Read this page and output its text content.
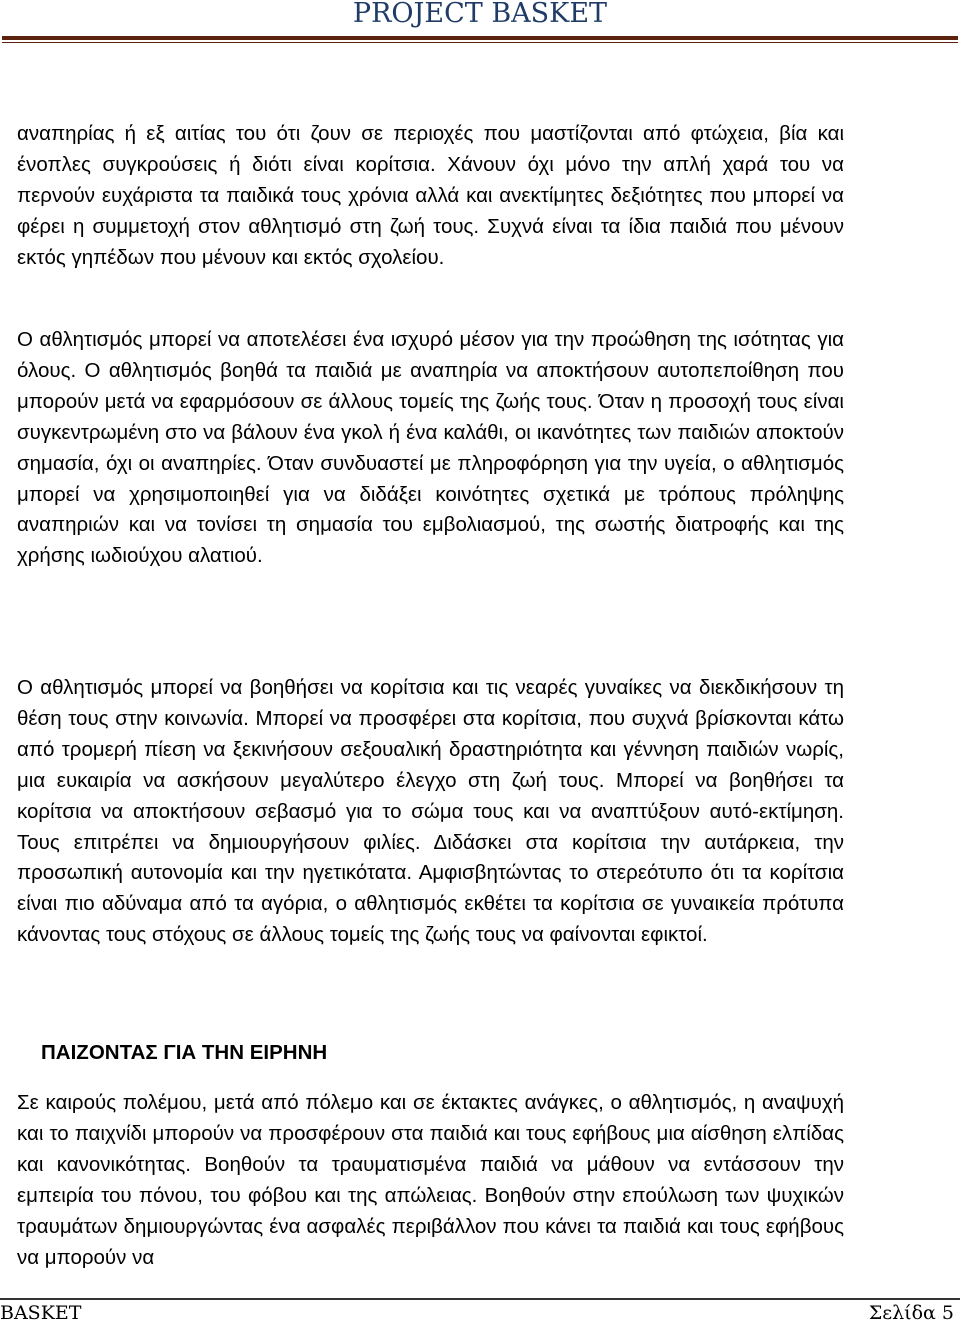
PROJECT BASKET

αναπηρίας ή εξ αιτίας του ότι ζουν σε περιοχές που μαστίζονται από φτώχεια, βία και ένοπλες συγκρούσεις ή διότι είναι κορίτσια. Χάνουν όχι μόνο την απλή χαρά του να περνούν ευχάριστα τα παιδικά τους χρόνια αλλά και ανεκτίμητες δεξιότητες που μπορεί να φέρει η συμμετοχή στον αθλητισμό στη ζωή τους. Συχνά είναι τα ίδια παιδιά που μένουν εκτός γηπέδων που μένουν και εκτός σχολείου.

Ο αθλητισμός μπορεί να αποτελέσει ένα ισχυρό μέσον για την προώθηση της ισότητας για όλους. Ο αθλητισμός βοηθά τα παιδιά με αναπηρία να αποκτήσουν αυτοπεποίθηση που μπορούν μετά να εφαρμόσουν σε άλλους τομείς της ζωής τους. Όταν η προσοχή τους είναι συγκεντρωμένη στο να βάλουν ένα γκολ ή ένα καλάθι, οι ικανότητες των παιδιών αποκτούν σημασία, όχι οι αναπηρίες. Όταν συνδυαστεί με πληροφόρηση για την υγεία, ο αθλητισμός μπορεί να χρησιμοποιηθεί για να διδάξει κοινότητες σχετικά με τρόπους πρόληψης αναπηριών και να τονίσει τη σημασία του εμβολιασμού, της σωστής διατροφής και της χρήσης ιωδιούχου αλατιού.

Ο αθλητισμός μπορεί να βοηθήσει να κορίτσια και τις νεαρές γυναίκες να διεκδικήσουν τη θέση τους στην κοινωνία. Μπορεί να προσφέρει στα κορίτσια, που συχνά βρίσκονται κάτω από τρομερή πίεση να ξεκινήσουν σεξουαλική δραστηριότητα και γέννηση παιδιών νωρίς, μια ευκαιρία να ασκήσουν μεγαλύτερο έλεγχο στη ζωή τους. Μπορεί να βοηθήσει τα κορίτσια να αποκτήσουν σεβασμό για το σώμα τους και να αναπτύξουν αυτό-εκτίμηση. Τους επιτρέπει να δημιουργήσουν φιλίες. Διδάσκει στα κορίτσια την αυτάρκεια, την προσωπική αυτονομία και την ηγετικότατα. Αμφισβητώντας το στερεότυπο ότι τα κορίτσια είναι πιο αδύναμα από τα αγόρια, ο αθλητισμός εκθέτει τα κορίτσια σε γυναικεία πρότυπα κάνοντας τους στόχους σε άλλους τομείς της ζωής τους να φαίνονται εφικτοί.

ΠΑΙΖΟΝΤΑΣ ΓΙΑ ΤΗΝ ΕΙΡΗΝΗ

Σε καιρούς πολέμου, μετά από πόλεμο και σε έκτακτες ανάγκες, ο αθλητισμός, η αναψυχή και το παιχνίδι μπορούν να προσφέρουν στα παιδιά και τους εφήβους μια αίσθηση ελπίδας και κανονικότητας. Βοηθούν τα τραυματισμένα παιδιά να μάθουν να εντάσσουν την εμπειρία του πόνου, του φόβου και της απώλειας. Βοηθούν στην επούλωση των ψυχικών τραυμάτων δημιουργώντας ένα ασφαλές περιβάλλον που κάνει τα παιδιά και τους εφήβους να μπορούν να

BASKET	Σελίδα 5
